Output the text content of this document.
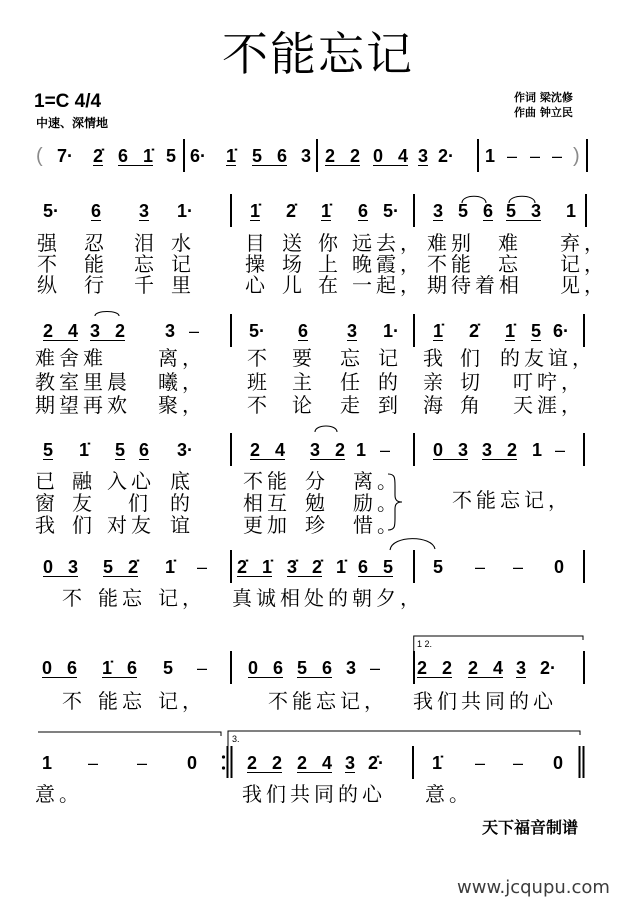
不能忘记
1=C 4/4
中速、深情地
作词 梁沈修
作曲 钟立民
( 7· 2̇ 6 1̇ 5 6· 1̇ 5 6 3 2 2 0 4 3 2· 1 – – – )
5· 6 3 1·	1̇ 2̇ 1̇ 6 5· 3 5 6 5 3 1
强 忍 泪 水	目 送 你 远去， 难别 难 弃，
不 能 忘 记	操 场 上 晚霞， 不能 忘 记，
纵 行 千 里	心 儿 在 一起， 期待着相 见，
2 4 3 2 3 –	5· 6 3 1· 1̇ 2̇ 1̇ 5 6·
难舍难	离， 不 要 忘 记 我 们 的友谊，
教室里晨 曦， 班 主 任 的 亲 切 叮咛，
期望再欢 聚， 不 论 走 到 海 角 天涯，
5 1̇ 5 6 3·	2 4 3 2 1 – 0 3 3 2 1 –
已 融 入心 底 不能 分 离。
窗 友 们 的 相互 勉 励。
我 们 对友 谊 更加 珍 惜。
不能忘记，
0 3 5 2̇ 1̇ – 2̇ 1̇ 3̇ 2̇ 1̇ 6 5 5 – – 0
不 能忘 记， 真诚相处的朝夕，
0 6 1̇ 6 5 – 0 6 5 6 3 – 2 2 2 4 3 2·
1 2.
不 能忘 记，	不能忘记， 我们共同的心
1 – – 0	2 2 2 4 3 2̇·	1̇ – – 0
3.
意。	我们共同的心 意。
天下福音制谱
www.jcqupu.com
